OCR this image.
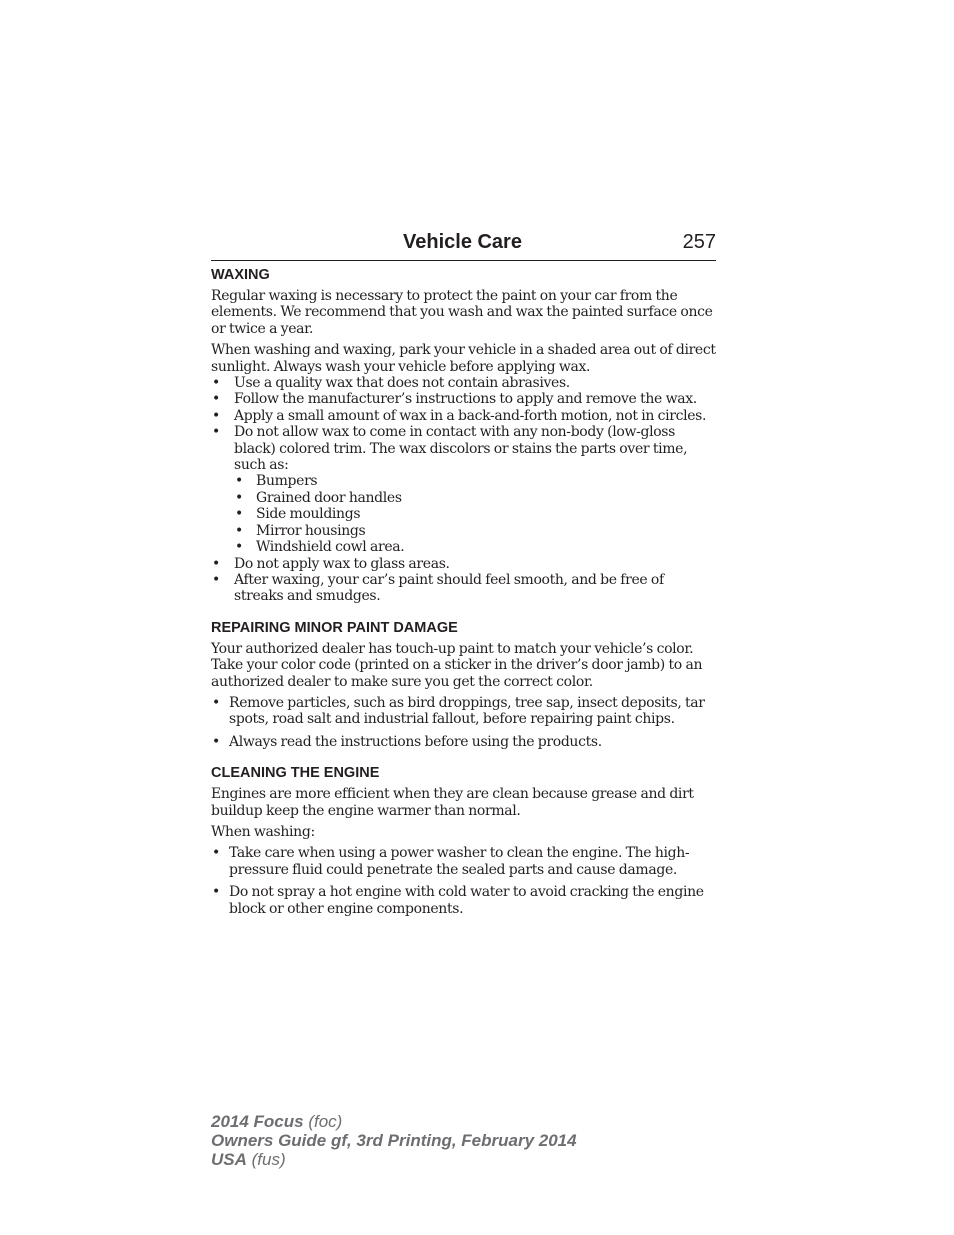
Vehicle Care	257
WAXING

Regular waxing is necessary to protect the paint on your car from the elements. We recommend that you wash and wax the painted surface once or twice a year.

When washing and waxing, park your vehicle in a shaded area out of direct sunlight. Always wash your vehicle before applying wax.

• Use a quality wax that does not contain abrasives.
• Follow the manufacturer’s instructions to apply and remove the wax.
• Apply a small amount of wax in a back-and-forth motion, not in circles.
• Do not allow wax to come in contact with any non-body (low-gloss black) colored trim. The wax discolors or stains the parts over time, such as:
• Bumpers
• Grained door handles
• Side mouldings
• Mirror housings
• Windshield cowl area.
• Do not apply wax to glass areas.
• After waxing, your car’s paint should feel smooth, and be free of streaks and smudges.
REPAIRING MINOR PAINT DAMAGE

Your authorized dealer has touch-up paint to match your vehicle’s color. Take your color code (printed on a sticker in the driver’s door jamb) to an authorized dealer to make sure you get the correct color.

• Remove particles, such as bird droppings, tree sap, insect deposits, tar spots, road salt and industrial fallout, before repairing paint chips.
• Always read the instructions before using the products.
CLEANING THE ENGINE

Engines are more efficient when they are clean because grease and dirt buildup keep the engine warmer than normal.

When washing:

• Take care when using a power washer to clean the engine. The high-pressure fluid could penetrate the sealed parts and cause damage.
• Do not spray a hot engine with cold water to avoid cracking the engine block or other engine components.
2014 Focus (foc)
Owners Guide gf, 3rd Printing, February 2014
USA (fus)
